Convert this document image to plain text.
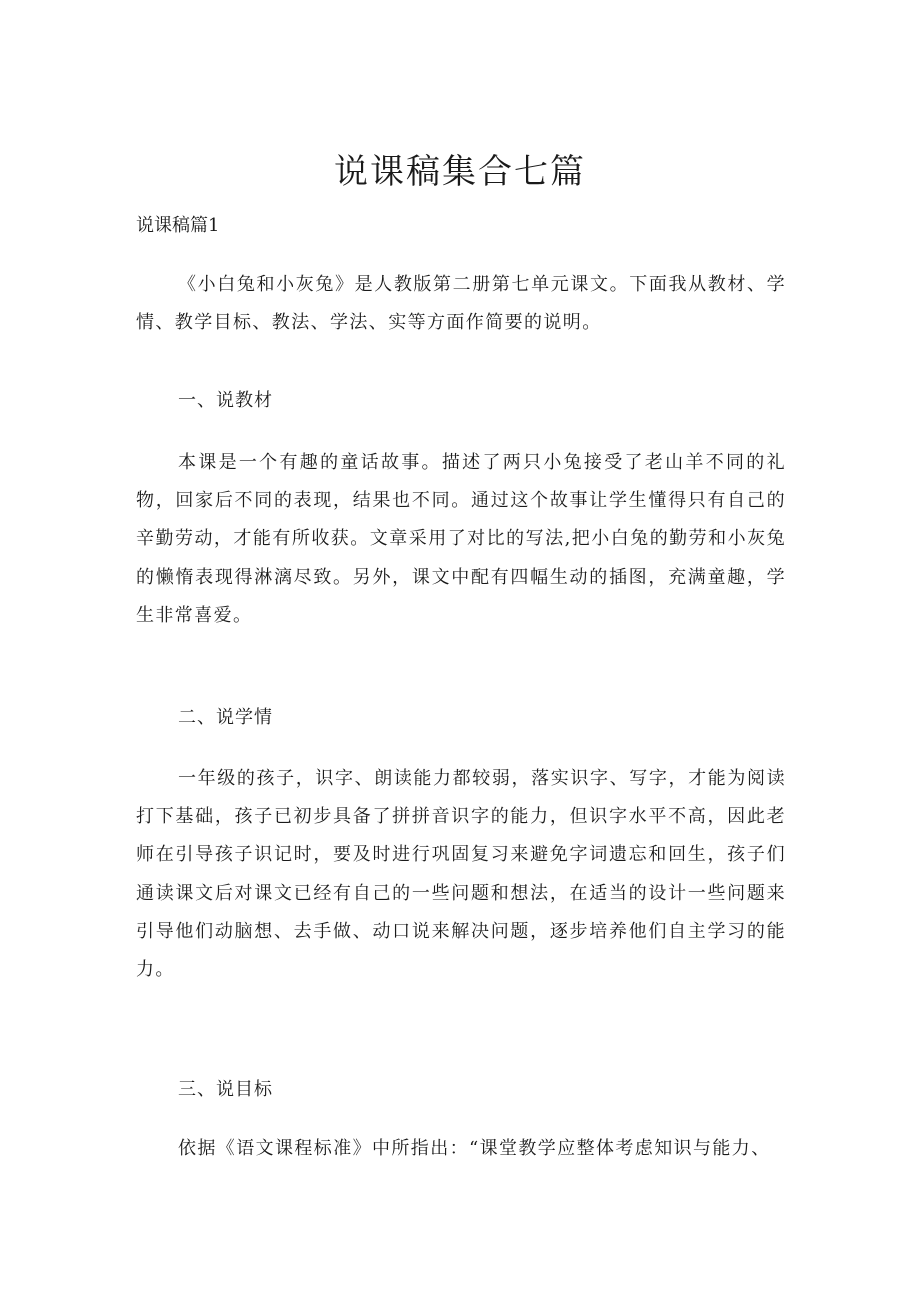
说课稿集合七篇
说课稿篇1

《小白兔和小灰兔》是人教版第二册第七单元课文。下面我从教材、学情、教学目标、教法、学法、实等方面作简要的说明。

一、说教材

本课是一个有趣的童话故事。描述了两只小兔接受了老山羊不同的礼物，回家后不同的表现，结果也不同。通过这个故事让学生懂得只有自己的辛勤劳动，才能有所收获。文章采用了对比的写法,把小白兔的勤劳和小灰兔的懒惰表现得淋漓尽致。另外，课文中配有四幅生动的插图，充满童趣，学生非常喜爱。

二、说学情

一年级的孩子，识字、朗读能力都较弱，落实识字、写字，才能为阅读打下基础，孩子已初步具备了拼拼音识字的能力，但识字水平不高，因此老师在引导孩子识记时，要及时进行巩固复习来避免字词遗忘和回生，孩子们通读课文后对课文已经有自己的一些问题和想法，在适当的设计一些问题来引导他们动脑想、去手做、动口说来解决问题，逐步培养他们自主学习的能力。

三、说目标

依据《语文课程标准》中所指出：“课堂教学应整体考虑知识与能力、
